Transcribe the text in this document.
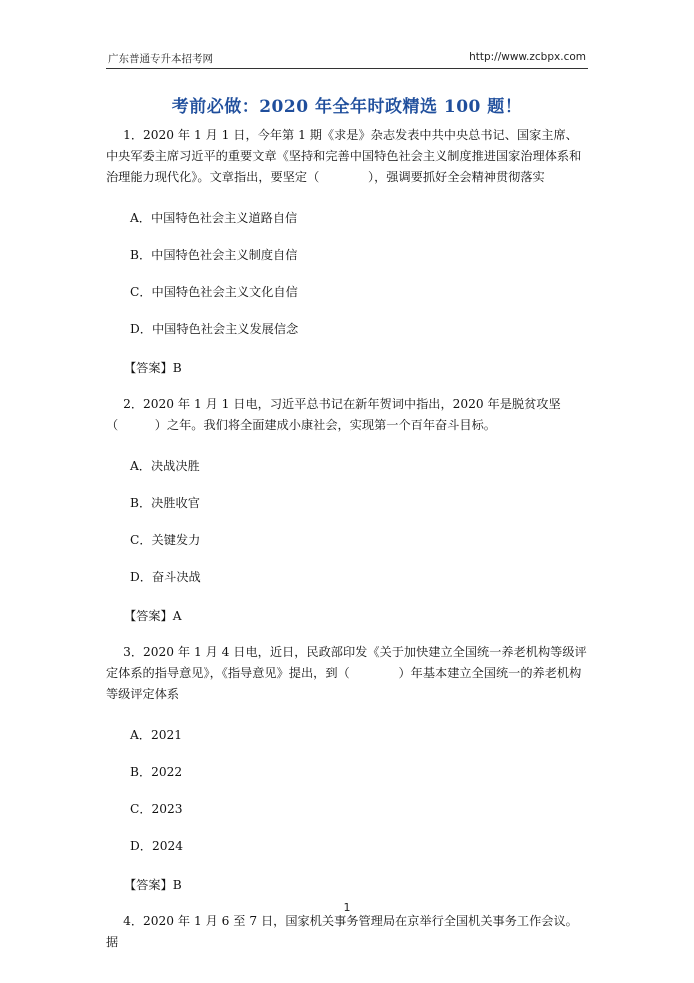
广东普通专升本招考网	http://www.zcbpx.com
考前必做：2020 年全年时政精选 100 题！

1．2020 年 1 月 1 日，今年第 1 期《求是》杂志发表中共中央总书记、国家主席、中央军委主席习近平的重要文章《坚持和完善中国特色社会主义制度推进国家治理体系和治理能力现代化》。文章指出，要坚定（　　　　），强调要抓好全会精神贯彻落实

A．中国特色社会主义道路自信

B．中国特色社会主义制度自信

C．中国特色社会主义文化自信

D．中国特色社会主义发展信念

【答案】B

2．2020 年 1 月 1 日电，习近平总书记在新年贺词中指出，2020 年是脱贫攻坚（　　　）之年。我们将全面建成小康社会，实现第一个百年奋斗目标。

A．决战决胜

B．决胜收官

C．关键发力

D．奋斗决战

【答案】A

3．2020 年 1 月 4 日电，近日，民政部印发《关于加快建立全国统一养老机构等级评定体系的指导意见》，《指导意见》提出，到（　　　　）年基本建立全国统一的养老机构等级评定体系

A．2021

B．2022

C．2023

D．2024

【答案】B

4．2020 年 1 月 6 至 7 日，国家机关事务管理局在京举行全国机关事务工作会议。据

1
